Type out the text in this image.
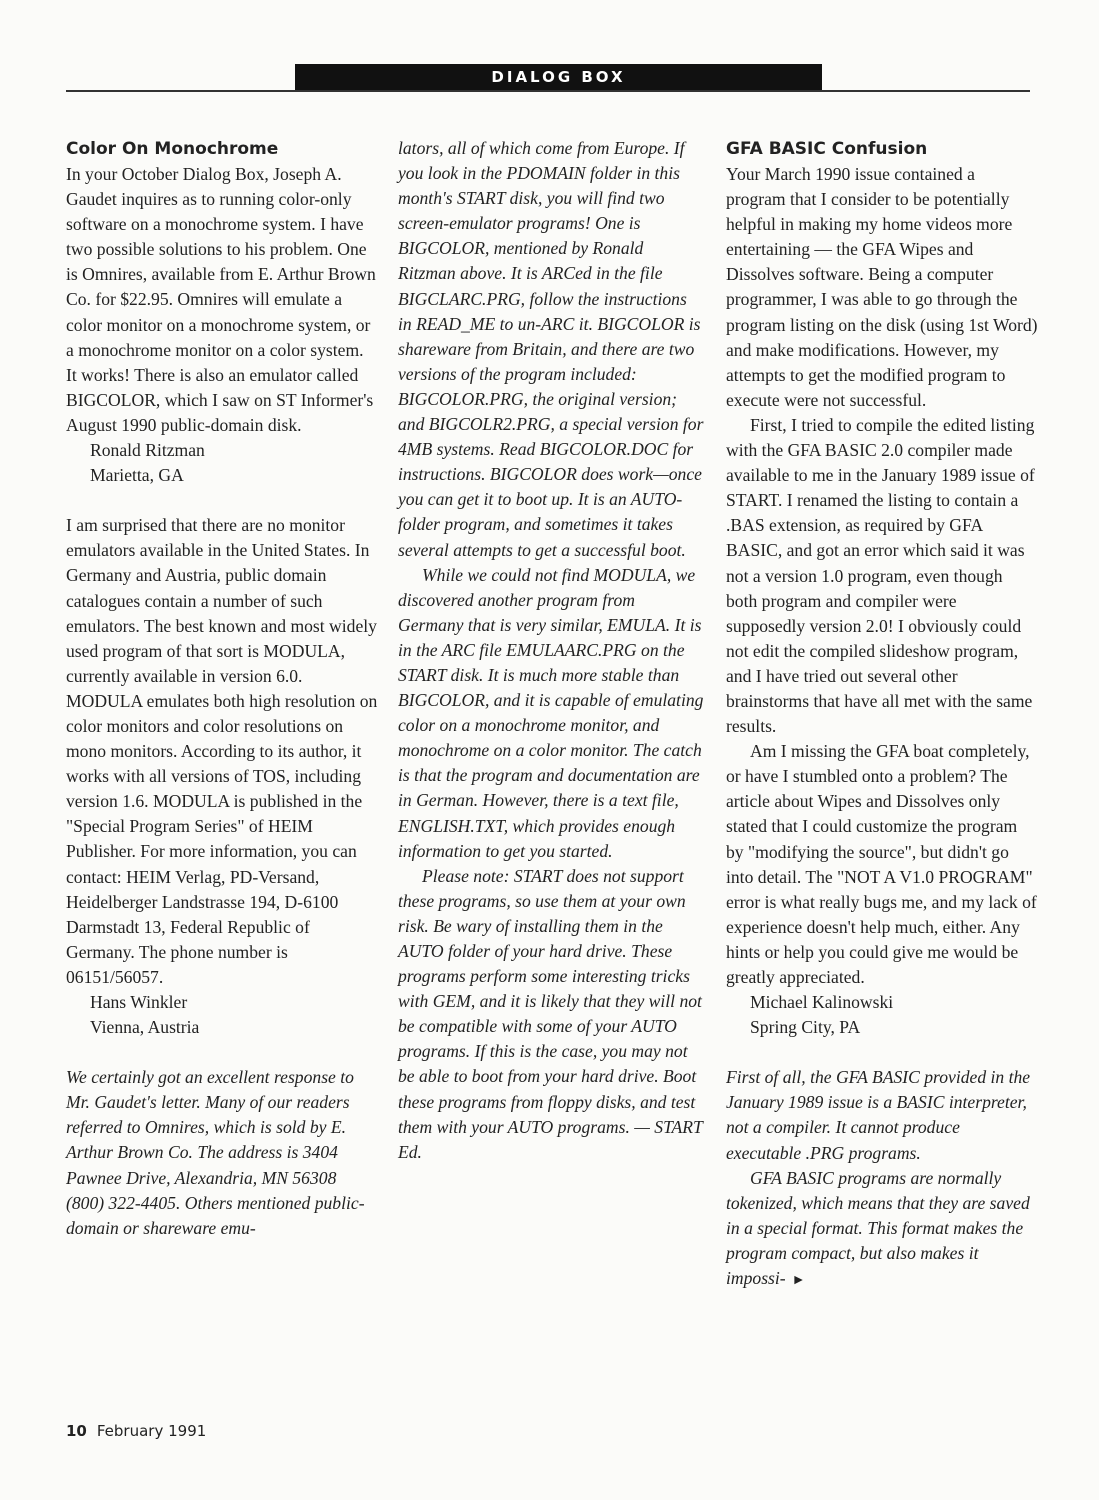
DIALOG BOX

Color On Monochrome

In your October Dialog Box, Joseph A. Gaudet inquires as to running color-only software on a monochrome system. I have two possible solutions to his problem. One is Omnires, available from E. Arthur Brown Co. for $22.95. Omnires will emulate a color monitor on a monochrome system, or a monochrome monitor on a color system. It works! There is also an emulator called BIGCOLOR, which I saw on ST Informer's August 1990 public-domain disk.

Ronald Ritzman

Marietta, GA

I am surprised that there are no monitor emulators available in the United States. In Germany and Austria, public domain catalogues contain a number of such emulators. The best known and most widely used program of that sort is MODULA, currently available in version 6.0. MODULA emulates both high resolution on color monitors and color resolutions on mono monitors. According to its author, it works with all versions of TOS, including version 1.6. MODULA is published in the "Special Program Series" of HEIM Publisher. For more information, you can contact: HEIM Verlag, PD-Versand, Heidelberger Landstrasse 194, D-6100 Darmstadt 13, Federal Republic of Germany. The phone number is 06151/56057.

Hans Winkler

Vienna, Austria

We certainly got an excellent response to Mr. Gaudet's letter. Many of our readers referred to Omnires, which is sold by E. Arthur Brown Co. The address is 3404 Pawnee Drive, Alexandria, MN 56308 (800) 322-4405. Others mentioned public-domain or shareware emu-

lators, all of which come from Europe. If you look in the PDOMAIN folder in this month's START disk, you will find two screen-emulator programs! One is BIGCOLOR, mentioned by Ronald Ritzman above. It is ARCed in the file BIGCLARC.PRG, follow the instructions in READ_ME to un-ARC it. BIGCOLOR is shareware from Britain, and there are two versions of the program included: BIGCOLOR.PRG, the original version; and BIGCOLR2.PRG, a special version for 4MB systems. Read BIGCOLOR.DOC for instructions. BIGCOLOR does work—once you can get it to boot up. It is an AUTO-folder program, and sometimes it takes several attempts to get a successful boot.

While we could not find MODULA, we discovered another program from Germany that is very similar, EMULA. It is in the ARC file EMULAARC.PRG on the START disk. It is much more stable than BIGCOLOR, and it is capable of emulating color on a monochrome monitor, and monochrome on a color monitor. The catch is that the program and documentation are in German. However, there is a text file, ENGLISH.TXT, which provides enough information to get you started.

Please note: START does not support these programs, so use them at your own risk. Be wary of installing them in the AUTO folder of your hard drive. These programs perform some interesting tricks with GEM, and it is likely that they will not be compatible with some of your AUTO programs. If this is the case, you may not be able to boot from your hard drive. Boot these programs from floppy disks, and test them with your AUTO programs. — START Ed.

GFA BASIC Confusion

Your March 1990 issue contained a program that I consider to be potentially helpful in making my home videos more entertaining — the GFA Wipes and Dissolves software. Being a computer programmer, I was able to go through the program listing on the disk (using 1st Word) and make modifications. However, my attempts to get the modified program to execute were not successful.

First, I tried to compile the edited listing with the GFA BASIC 2.0 compiler made available to me in the January 1989 issue of START. I renamed the listing to contain a .BAS extension, as required by GFA BASIC, and got an error which said it was not a version 1.0 program, even though both program and compiler were supposedly version 2.0! I obviously could not edit the compiled slideshow program, and I have tried out several other brainstorms that have all met with the same results.

Am I missing the GFA boat completely, or have I stumbled onto a problem? The article about Wipes and Dissolves only stated that I could customize the program by "modifying the source", but didn't go into detail. The "NOT A V1.0 PROGRAM" error is what really bugs me, and my lack of experience doesn't help much, either. Any hints or help you could give me would be greatly appreciated.

Michael Kalinowski

Spring City, PA

First of all, the GFA BASIC provided in the January 1989 issue is a BASIC interpreter, not a compiler. It cannot produce executable .PRG programs.

GFA BASIC programs are normally tokenized, which means that they are saved in a special format. This format makes the program compact, but also makes it impossi- ►

10 February 1991
